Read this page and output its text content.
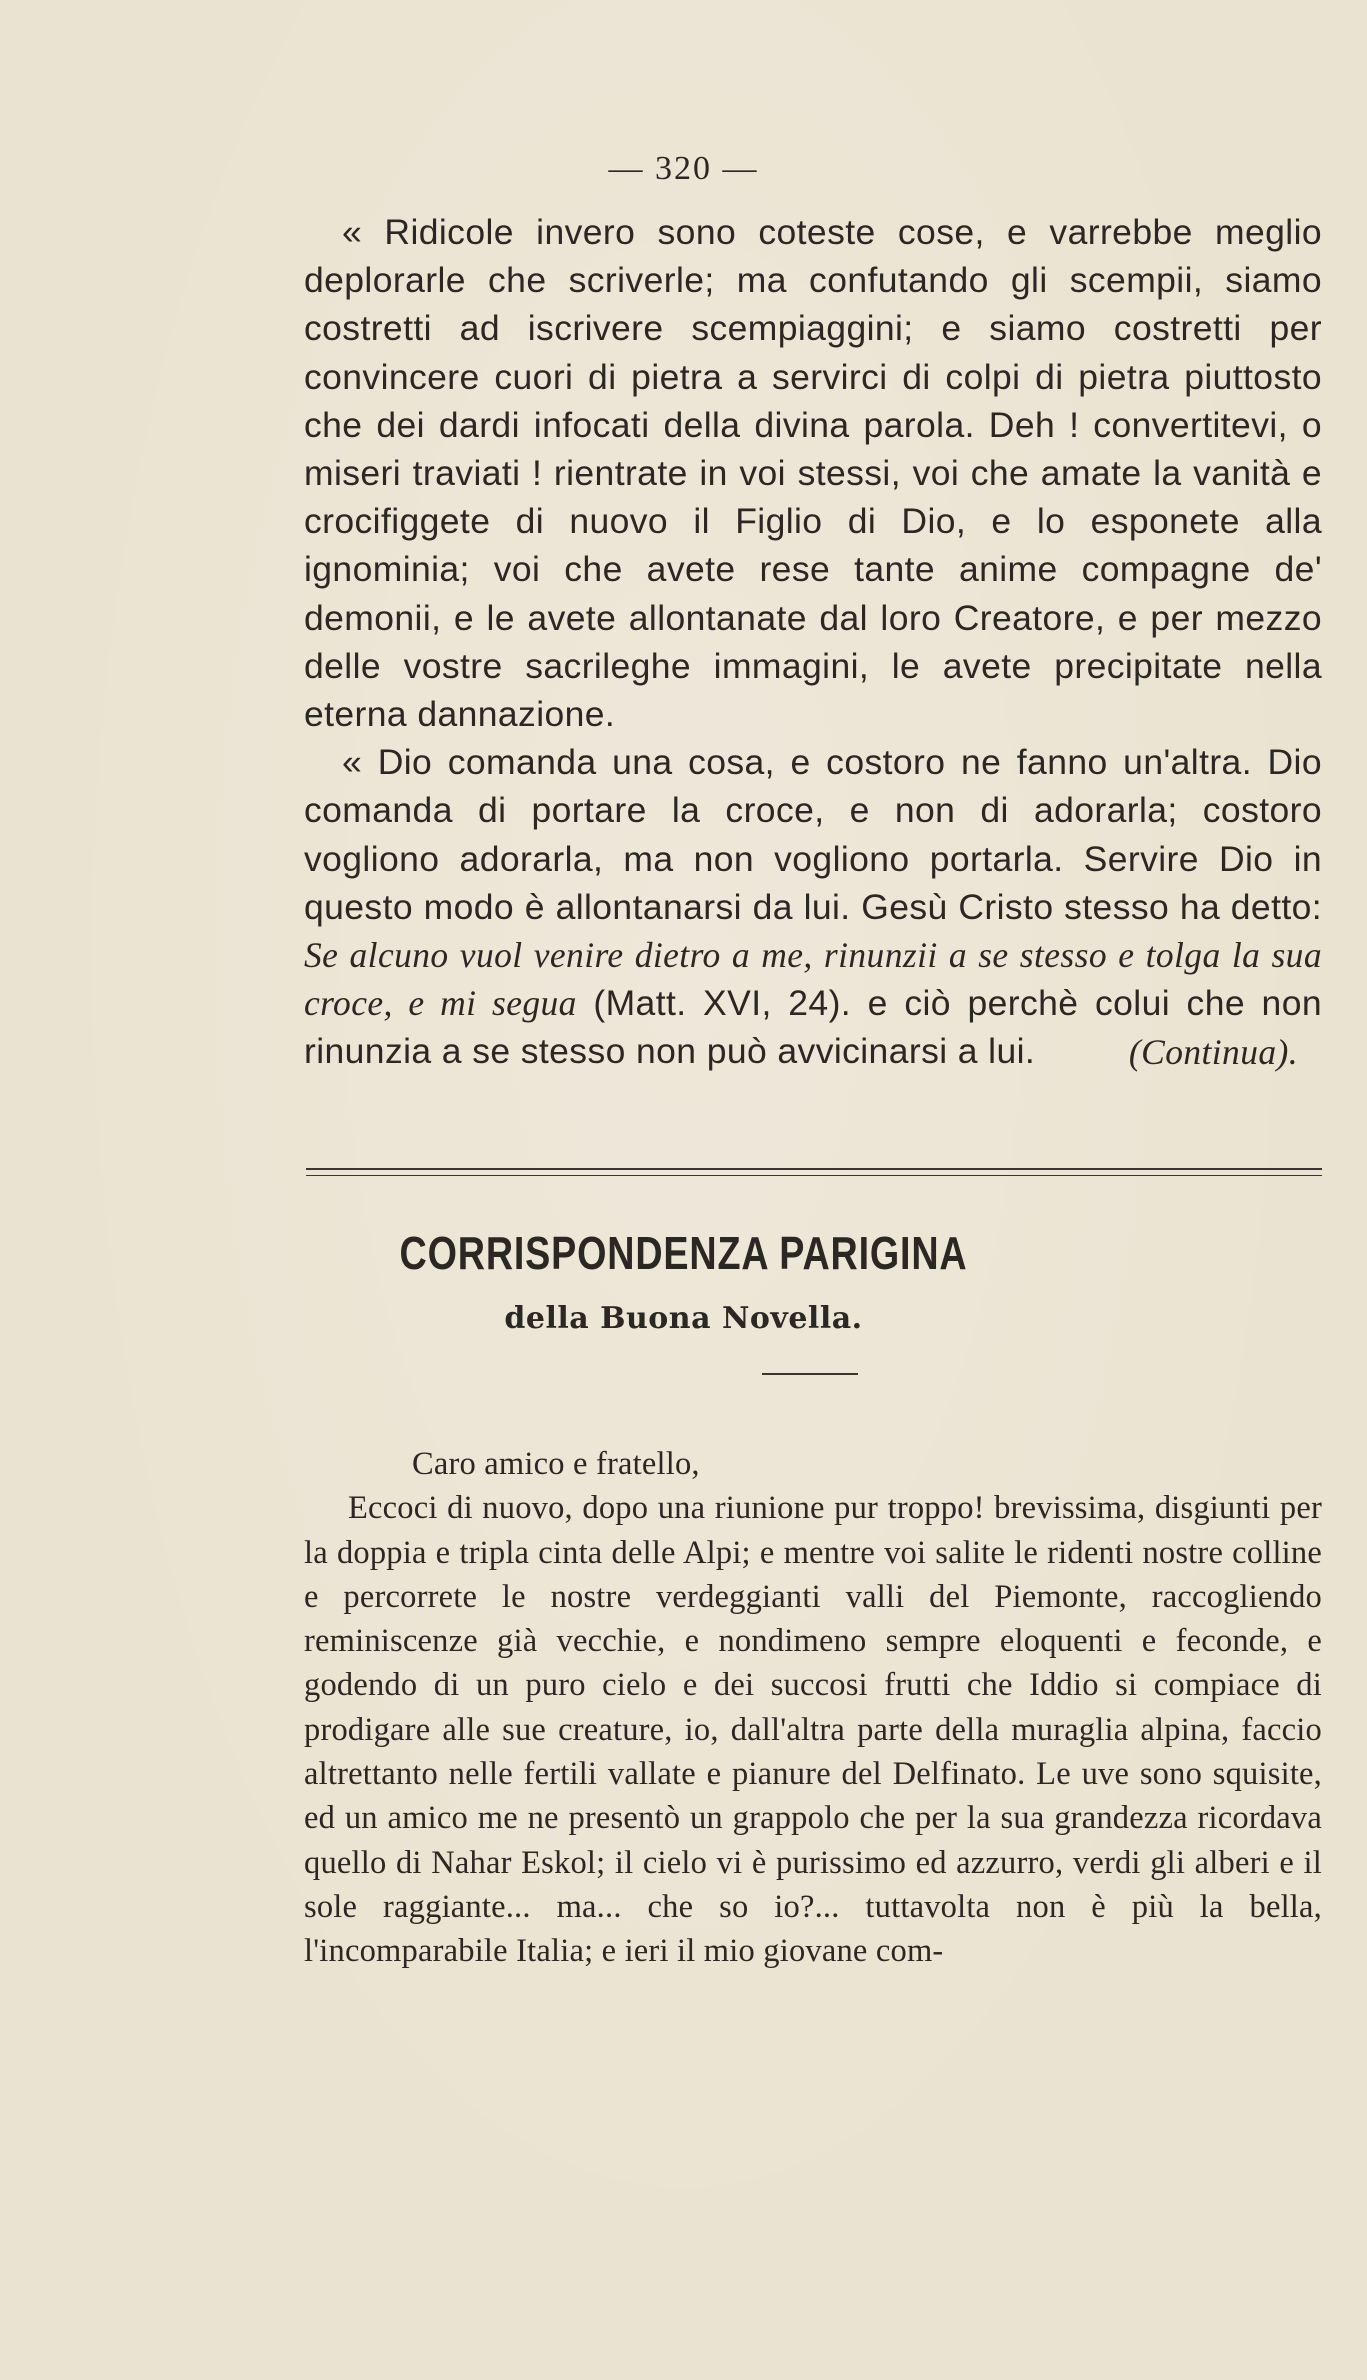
— 320 —

« Ridicole invero sono coteste cose, e varrebbe meglio deplorarle che scriverle; ma confutando gli scempii, siamo costretti ad iscrivere scempiaggini; e siamo costretti per convincere cuori di pietra a servirci di colpi di pietra piuttosto che dei dardi infocati della divina parola. Deh ! convertitevi, o miseri traviati ! rientrate in voi stessi, voi che amate la vanità e crocifiggete di nuovo il Figlio di Dio, e lo esponete alla ignominia; voi che avete rese tante anime compagne de' demonii, e le avete allontanate dal loro Creatore, e per mezzo delle vostre sacrileghe immagini, le avete precipitate nella eterna dannazione.

« Dio comanda una cosa, e costoro ne fanno un'altra. Dio comanda di portare la croce, e non di adorarla; costoro vogliono adorarla, ma non vogliono portarla. Servire Dio in questo modo è allontanarsi da lui. Gesù Cristo stesso ha detto: Se alcuno vuol venire dietro a me, rinunzii a se stesso e tolga la sua croce, e mi segua (Matt. XVI, 24). e ciò perchè colui che non rinunzia a se stesso non può avvicinarsi a lui.	(Continua).
CORRISPONDENZA PARIGINA
della Buona Novella.

Caro amico e fratello,

Eccoci di nuovo, dopo una riunione pur troppo! brevissima, disgiunti per la doppia e tripla cinta delle Alpi; e mentre voi salite le ridenti nostre colline e percorrete le nostre verdeggianti valli del Piemonte, raccogliendo reminiscenze già vecchie, e nondimeno sempre eloquenti e feconde, e godendo di un puro cielo e dei succosi frutti che Iddio si compiace di prodigare alle sue creature, io, dall'altra parte della muraglia alpina, faccio altrettanto nelle fertili vallate e pianure del Delfinato. Le uve sono squisite, ed un amico me ne presentò un grappolo che per la sua grandezza ricordava quello di Nahar Eskol; il cielo vi è purissimo ed azzurro, verdi gli alberi e il sole raggiante... ma... che so io?... tuttavolta non è più la bella, l'incomparabile Italia; e ieri il mio giovane com-
